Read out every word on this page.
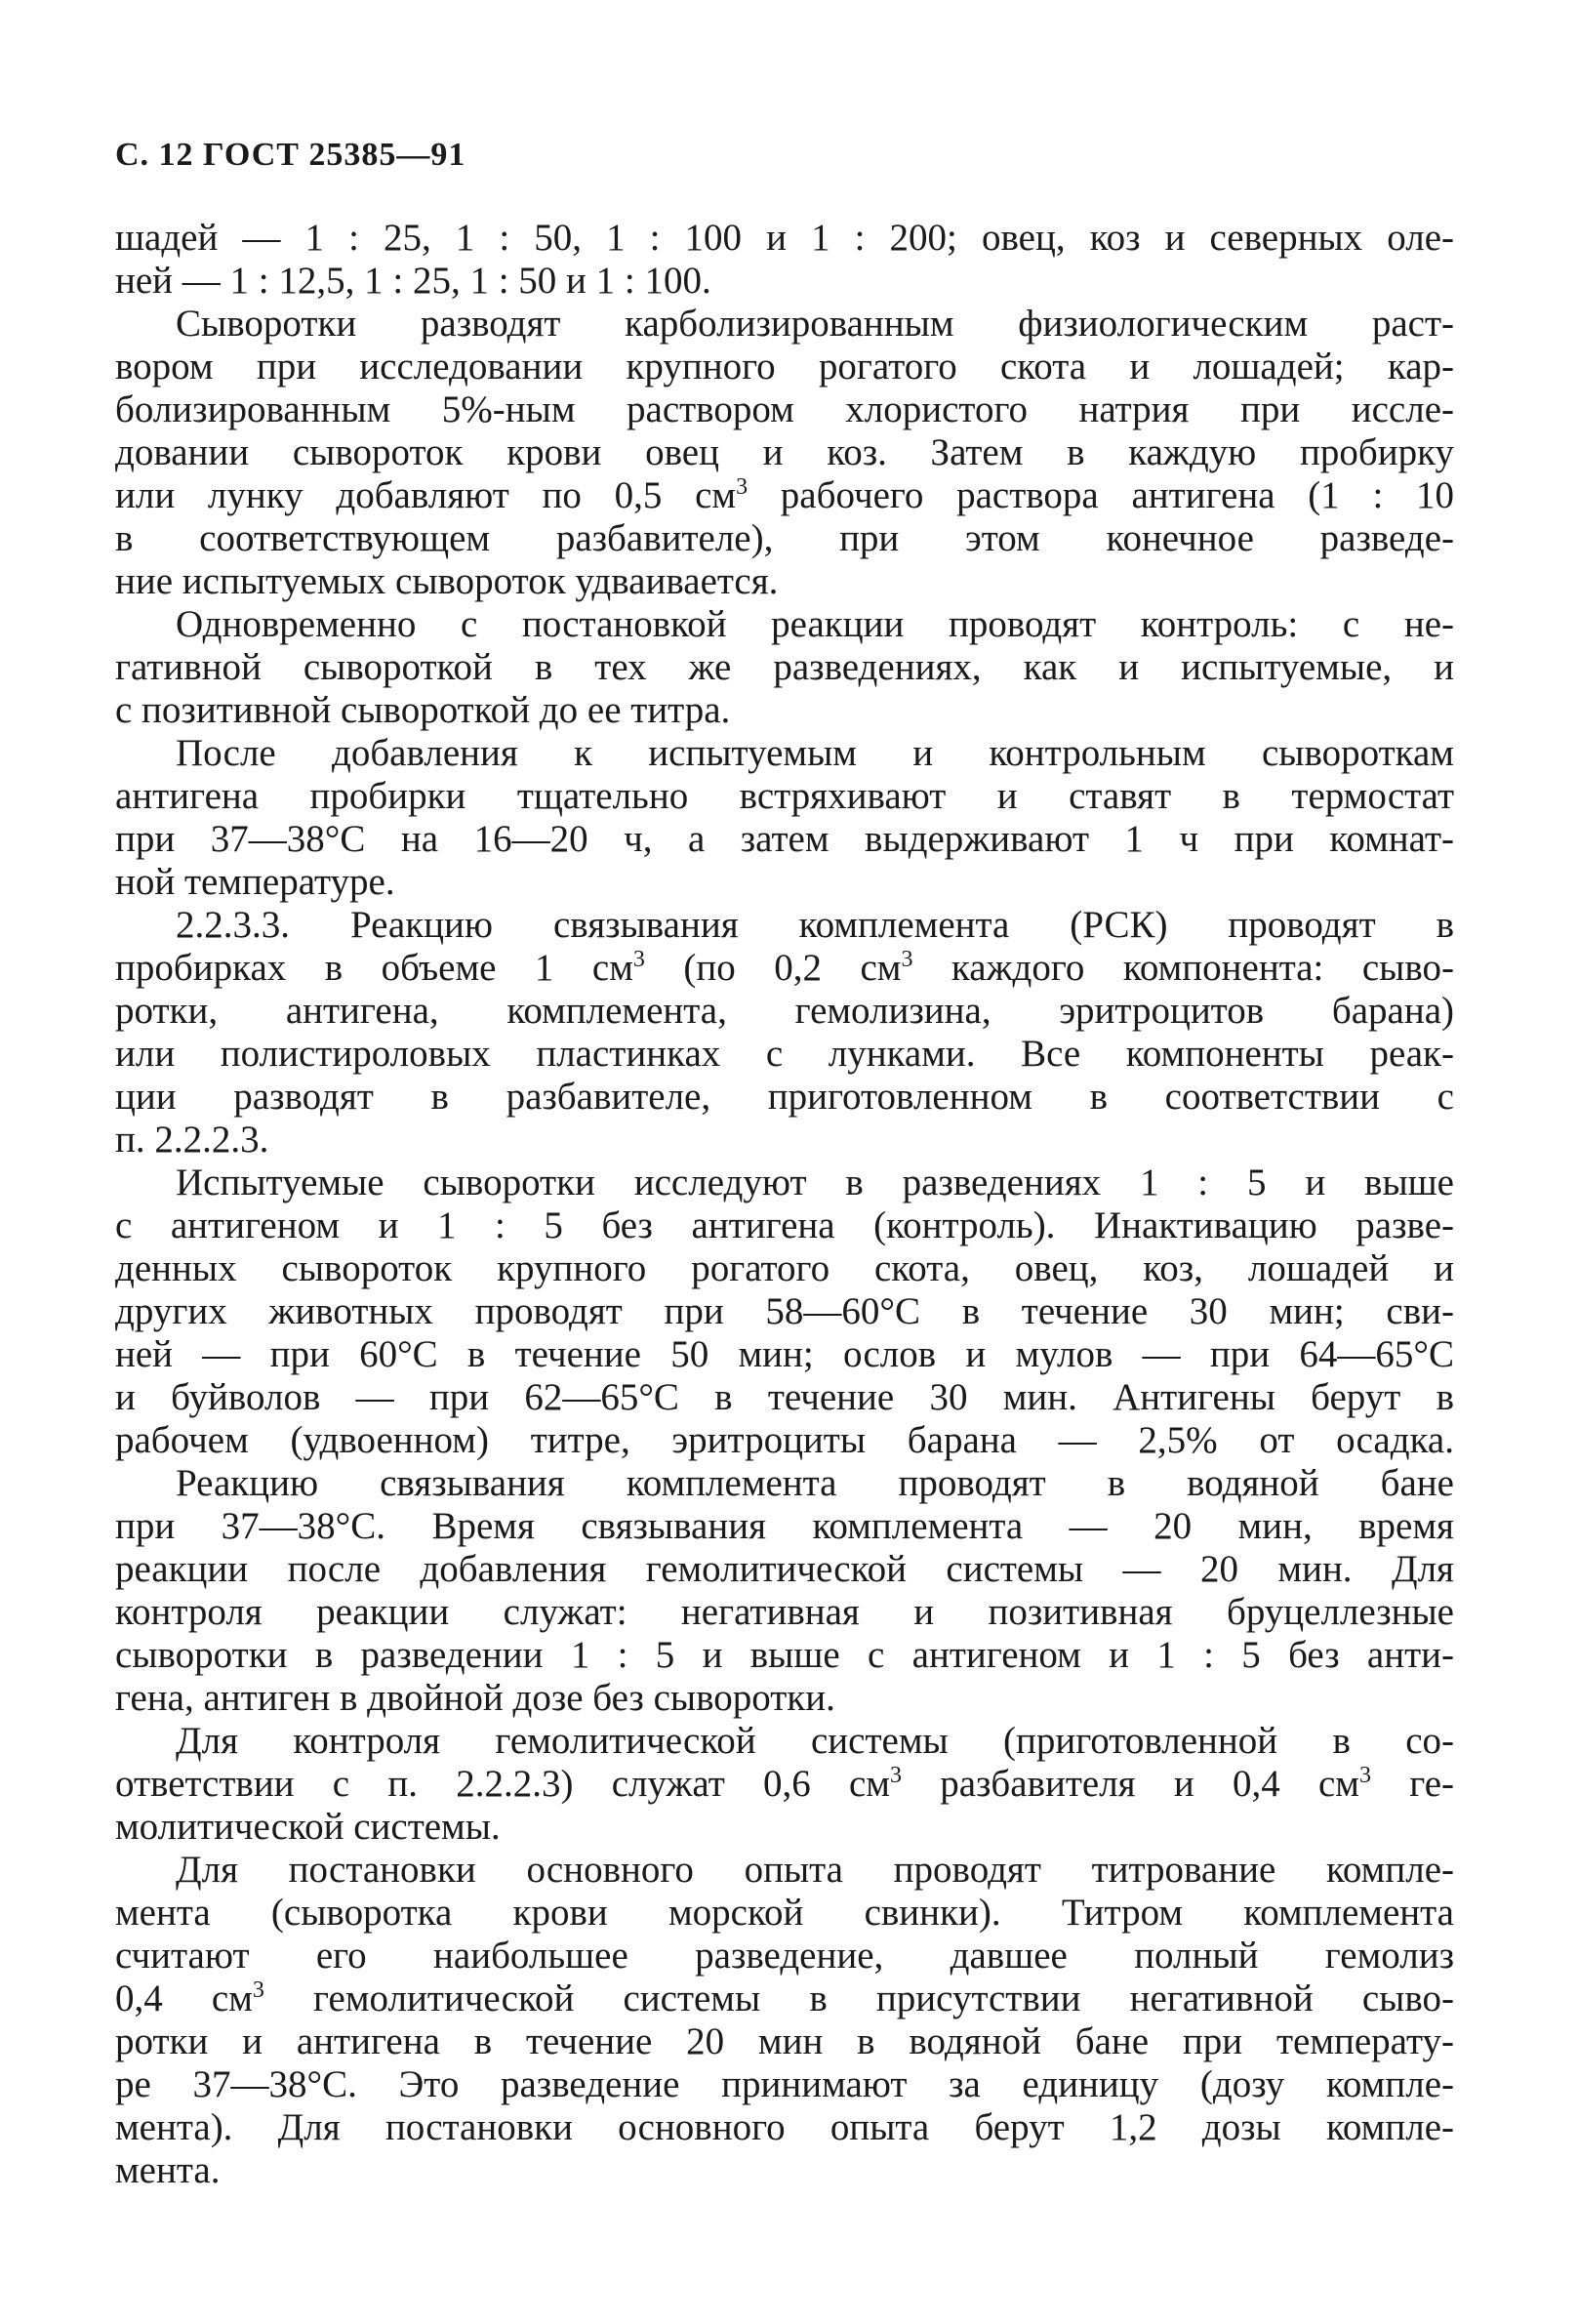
С. 12 ГОСТ 25385—91
шадей — 1 : 25, 1 : 50, 1 : 100 и 1 : 200; овец, коз и северных оле-
ней — 1 : 12,5, 1 : 25, 1 : 50 и 1 : 100.
Сыворотки разводят карболизированным физиологическим раст-
вором при исследовании крупного рогатого скота и лошадей; кар-
болизированным 5%-ным раствором хлористого натрия при иссле-
довании сывороток крови овец и коз. Затем в каждую пробирку
или лунку добавляют по 0,5 $см^3$ рабочего раствора антигена (1 : 10
в соответствующем разбавителе), при этом конечное разведе-
ние испытуемых сывороток удваивается.
Одновременно с постановкой реакции проводят контроль: с не-
гативной сывороткой в тех же разведениях, как и испытуемые, и
с позитивной сывороткой до ее титра.
После добавления к испытуемым и контрольным сывороткам
антигена пробирки тщательно встряхивают и ставят в термостат
при 37—38°С на 16—20 ч, а затем выдерживают 1 ч при комнат-
ной температуре.
2.2.3.3. Реакцию связывания комплемента (РСК) проводят в
пробирках в объеме 1 $см^3$ (по 0,2 $см^3$ каждого компонента: сыво-
ротки, антигена, комплемента, гемолизина, эритроцитов барана)
или полистироловых пластинках с лунками. Все компоненты реак-
ции разводят в разбавителе, приготовленном в соответствии с
п. 2.2.2.3.
Испытуемые сыворотки исследуют в разведениях 1 : 5 и выше
с антигеном и 1 : 5 без антигена (контроль). Инактивацию разве-
денных сывороток крупного рогатого скота, овец, коз, лошадей и
других животных проводят при 58—60°С в течение 30 мин; сви-
ней — при 60°С в течение 50 мин; ослов и мулов — при 64—65°С
и буйволов — при 62—65°С в течение 30 мин. Антигены берут в
рабочем (удвоенном) титре, эритроциты барана — 2,5% от осадка.
Реакцию связывания комплемента проводят в водяной бане
при 37—38°С. Время связывания комплемента — 20 мин, время
реакции после добавления гемолитической системы — 20 мин. Для
контроля реакции служат: негативная и позитивная бруцеллезные
сыворотки в разведении 1 : 5 и выше с антигеном и 1 : 5 без анти-
гена, антиген в двойной дозе без сыворотки.
Для контроля гемолитической системы (приготовленной в со-
ответствии с п. 2.2.2.3) служат 0,6 $см^3$ разбавителя и 0,4 $см^3$ ге-
молитической системы.
Для постановки основного опыта проводят титрование компле-
мента (сыворотка крови морской свинки). Титром комплемента
считают его наибольшее разведение, давшее полный гемолиз
0,4 $см^3$ гемолитической системы в присутствии негативной сыво-
ротки и антигена в течение 20 мин в водяной бане при температу-
ре 37—38°С. Это разведение принимают за единицу (дозу компле-
мента). Для постановки основного опыта берут 1,2 дозы компле-
мента.
